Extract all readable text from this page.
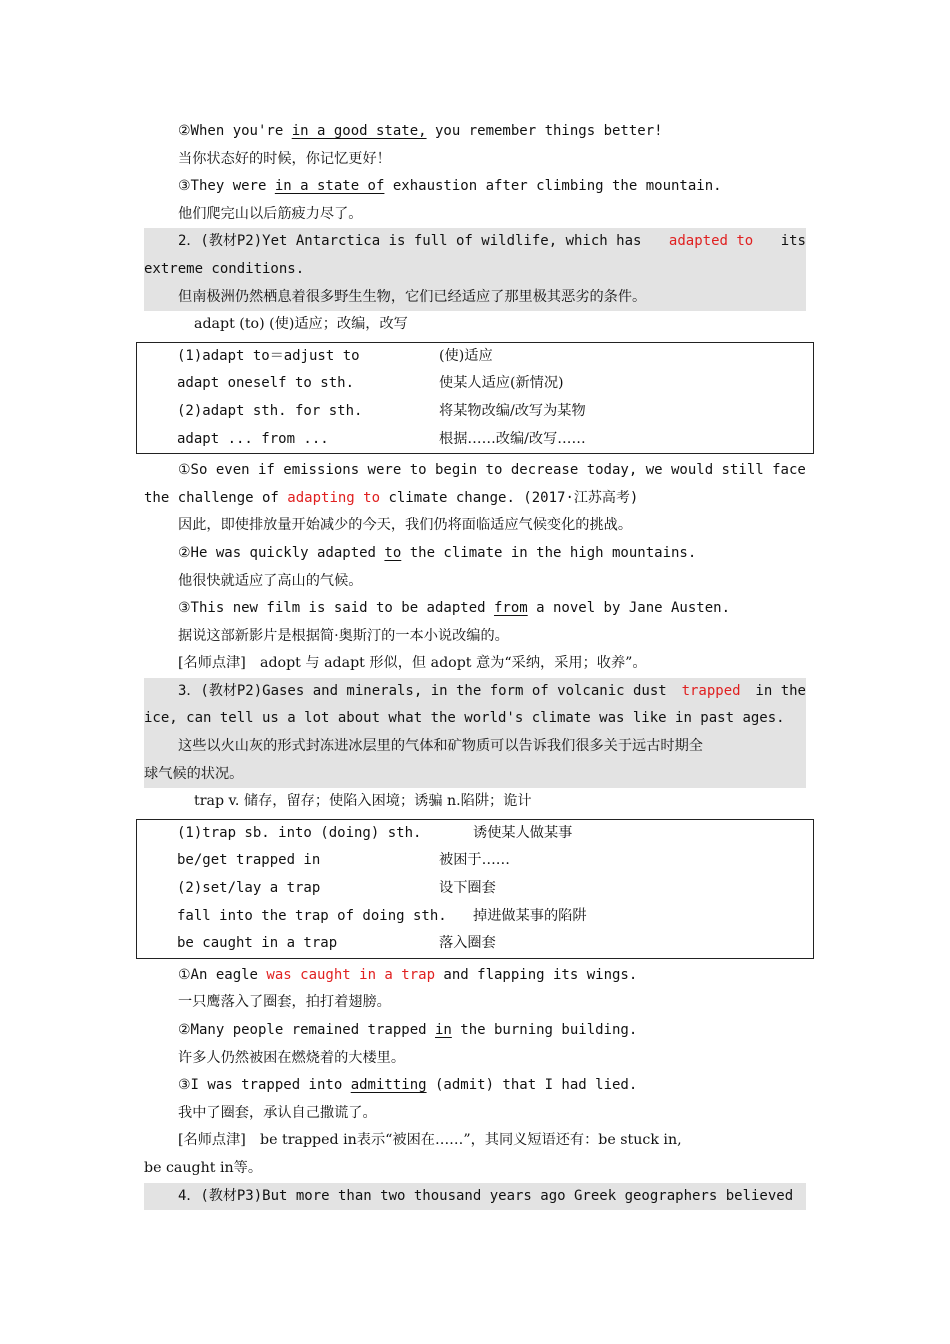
②When you're in a good state, you remember things better!
当你状态好的时候，你记忆更好！
③They were in a state of exhaustion after climbing the mountain.
他们爬完山以后筋疲力尽了。
2．(教材P2)Yet Antarctica is full of wildlife, which has adapted to its
extreme conditions.
但南极洲仍然栖息着很多野生生物，它们已经适应了那里极其恶劣的条件。
adapt (to) (使)适应；改编，改写
(1)adapt to＝adjust to	(使)适应
adapt oneself to sth.	使某人适应(新情况)
(2)adapt sth. for sth.	将某物改编/改写为某物
adapt ... from ...	根据……改编/改写……
①So even if emissions were to begin to decrease today, we would still face
the challenge of adapting to climate change. (2017·江苏高考)
因此，即使排放量开始减少的今天，我们仍将面临适应气候变化的挑战。
②He was quickly adapted to the climate in the high mountains.
他很快就适应了高山的气候。
③This new film is said to be adapted from a novel by Jane Austen.
据说这部新影片是根据简·奥斯汀的一本小说改编的。
[名师点津]　adopt 与 adapt 形似，但 adopt 意为“采纳，采用；收养”。
3．(教材P2)Gases and minerals, in the form of volcanic dust trapped in the
ice, can tell us a lot about what the world's climate was like in past ages.
这些以火山灰的形式封冻进冰层里的气体和矿物质可以告诉我们很多关于远古时期全
球气候的状况。
trap v. 储存，留存；使陷入困境；诱骗 n.陷阱；诡计
(1)trap sb. into (doing) sth.	诱使某人做某事
be/get trapped in	被困于……
(2)set/lay a trap	设下圈套
fall into the trap of doing sth.	掉进做某事的陷阱
be caught in a trap	落入圈套
①An eagle was caught in a trap and flapping its wings.
一只鹰落入了圈套，拍打着翅膀。
②Many people remained trapped in the burning building.
许多人仍然被困在燃烧着的大楼里。
③I was trapped into admitting (admit) that I had lied.
我中了圈套，承认自己撒谎了。
[名师点津]　be trapped in表示“被困在……”，其同义短语还有：be stuck in,
be caught in等。
4．(教材P3)But more than two thousand years ago Greek geographers believed
